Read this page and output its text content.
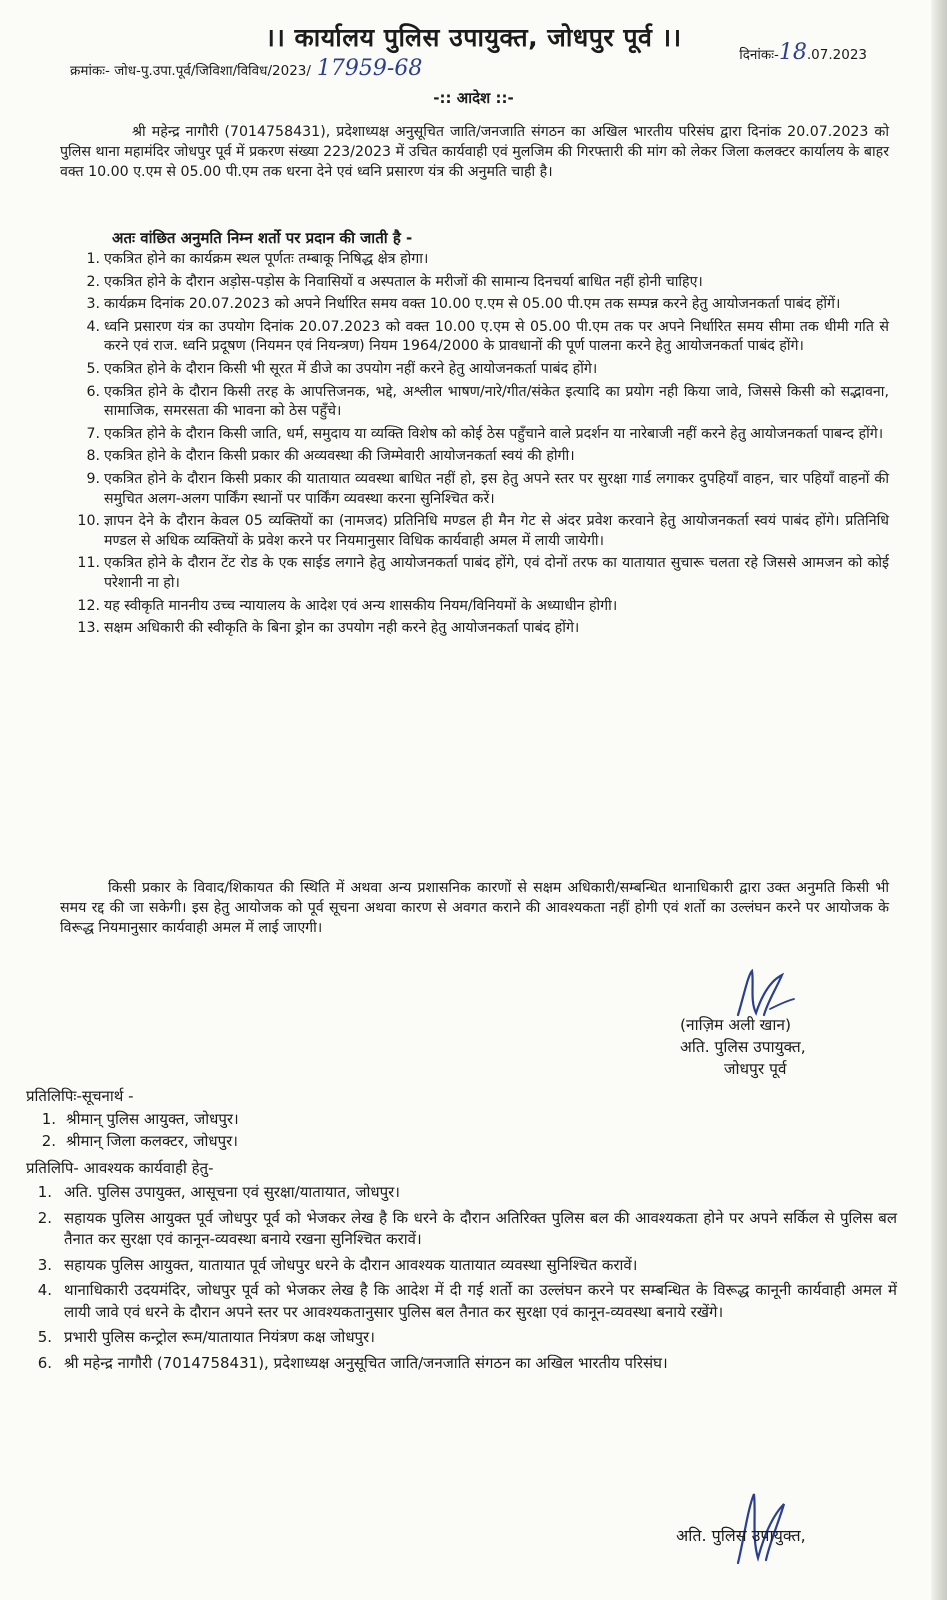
।। कार्यालय पुलिस उपायुक्त, जोधपुर पूर्व ।।
क्रमांकः- जोध-पु.उपा.पूर्व/जिविशा/विविध/2023/ 17959-68
दिनांकः-18.07.2023
-:: आदेश ::-
श्री महेन्द्र नागौरी (7014758431), प्रदेशाध्यक्ष अनुसूचित जाति/जनजाति संगठन का अखिल भारतीय परिसंघ द्वारा दिनांक 20.07.2023 को पुलिस थाना महामंदिर जोधपुर पूर्व में प्रकरण संख्या 223/2023 में उचित कार्यवाही एवं मुलजिम की गिरफ्तारी की मांग को लेकर जिला कलक्टर कार्यालय के बाहर वक्त 10.00 ए.एम से 05.00 पी.एम तक धरना देने एवं ध्वनि प्रसारण यंत्र की अनुमति चाही है।
अतः वांछित अनुमति निम्न शर्तो पर प्रदान की जाती है -
1. एकत्रित होने का कार्यक्रम स्थल पूर्णतः तम्बाकू निषिद्ध क्षेत्र होगा।
2. एकत्रित होने के दौरान अड़ोस-पड़ोस के निवासियों व अस्पताल के मरीजों की सामान्य दिनचर्या बाधित नहीं होनी चाहिए।
3. कार्यक्रम दिनांक 20.07.2023 को अपने निर्धारित समय वक्त 10.00 ए.एम से 05.00 पी.एम तक सम्पन्न करने हेतु आयोजनकर्ता पाबंद होंगें।
4. ध्वनि प्रसारण यंत्र का उपयोग दिनांक 20.07.2023 को वक्त 10.00 ए.एम से 05.00 पी.एम तक पर अपने निर्धारित समय सीमा तक धीमी गति से करने एवं राज. ध्वनि प्रदूषण (नियमन एवं नियन्त्रण) नियम 1964/2000 के प्रावधानों की पूर्ण पालना करने हेतु आयोजनकर्ता पाबंद होंगे।
5. एकत्रित होने के दौरान किसी भी सूरत में डीजे का उपयोग नहीं करने हेतु आयोजनकर्ता पाबंद होंगे।
6. एकत्रित होने के दौरान किसी तरह के आपत्तिजनक, भद्दे, अश्लील भाषण/नारे/गीत/संकेत इत्यादि का प्रयोग नही किया जावे, जिससे किसी को सद्भावना, सामाजिक, समरसता की भावना को ठेस पहुँचे।
7. एकत्रित होने के दौरान किसी जाति, धर्म, समुदाय या व्यक्ति विशेष को कोई ठेस पहुँचाने वाले प्रदर्शन या नारेबाजी नहीं करने हेतु आयोजनकर्ता पाबन्द होंगे।
8. एकत्रित होने के दौरान किसी प्रकार की अव्यवस्था की जिम्मेवारी आयोजनकर्ता स्वयं की होगी।
9. एकत्रित होने के दौरान किसी प्रकार की यातायात व्यवस्था बाधित नहीं हो, इस हेतु अपने स्तर पर सुरक्षा गार्ड लगाकर दुपहियाँ वाहन, चार पहियाँ वाहनों की समुचित अलग-अलग पार्किंग स्थानों पर पार्किंग व्यवस्था करना सुनिश्चित करें।
10. ज्ञापन देने के दौरान केवल 05 व्यक्तियों का (नामजद) प्रतिनिधि मण्डल ही मैन गेट से अंदर प्रवेश करवाने हेतु आयोजनकर्ता स्वयं पाबंद होंगे। प्रतिनिधि मण्डल से अधिक व्यक्तियों के प्रवेश करने पर नियमानुसार विधिक कार्यवाही अमल में लायी जायेगी।
11. एकत्रित होने के दौरान टेंट रोड के एक साईड लगाने हेतु आयोजनकर्ता पाबंद होंगे, एवं दोनों तरफ का यातायात सुचारू चलता रहे जिससे आमजन को कोई परेशानी ना हो।
12. यह स्वीकृति माननीय उच्च न्यायालय के आदेश एवं अन्य शासकीय नियम/विनियमों के अध्याधीन होगी।
13. सक्षम अधिकारी की स्वीकृति के बिना ड्रोन का उपयोग नही करने हेतु आयोजनकर्ता पाबंद होंगे।
किसी प्रकार के विवाद/शिकायत की स्थिति में अथवा अन्य प्रशासनिक कारणों से सक्षम अधिकारी/सम्बन्धित थानाधिकारी द्वारा उक्त अनुमति किसी भी समय रद्द की जा सकेगी। इस हेतु आयोजक को पूर्व सूचना अथवा कारण से अवगत कराने की आवश्यकता नहीं होगी एवं शर्तो का उल्लंघन करने पर आयोजक के विरूद्ध नियमानुसार कार्यवाही अमल में लाई जाएगी।
(नाज़िम अली खान)
अति. पुलिस उपायुक्त,
जोधपुर पूर्व
प्रतिलिपिः-सूचनार्थ -
1. श्रीमान् पुलिस आयुक्त, जोधपुर।
2. श्रीमान् जिला कलक्टर, जोधपुर।
प्रतिलिपि- आवश्यक कार्यवाही हेतु-
1. अति. पुलिस उपायुक्त, आसूचना एवं सुरक्षा/यातायात, जोधपुर।
2. सहायक पुलिस आयुक्त पूर्व जोधपुर पूर्व को भेजकर लेख है कि धरने के दौरान अतिरिक्त पुलिस बल की आवश्यकता होने पर अपने सर्किल से पुलिस बल तैनात कर सुरक्षा एवं कानून-व्यवस्था बनाये रखना सुनिश्चित करावें।
3. सहायक पुलिस आयुक्त, यातायात पूर्व जोधपुर धरने के दौरान आवश्यक यातायात व्यवस्था सुनिश्चित करावें।
4. थानाधिकारी उदयमंदिर, जोधपुर पूर्व को भेजकर लेख है कि आदेश में दी गई शर्तो का उल्लंघन करने पर सम्बन्धित के विरूद्ध कानूनी कार्यवाही अमल में लायी जावे एवं धरने के दौरान अपने स्तर पर आवश्यकतानुसार पुलिस बल तैनात कर सुरक्षा एवं कानून-व्यवस्था बनाये रखेंगे।
5. प्रभारी पुलिस कन्ट्रोल रूम/यातायात नियंत्रण कक्ष जोधपुर।
6. श्री महेन्द्र नागौरी (7014758431), प्रदेशाध्यक्ष अनुसूचित जाति/जनजाति संगठन का अखिल भारतीय परिसंघ।
अति. पुलिस उपायुक्त,
